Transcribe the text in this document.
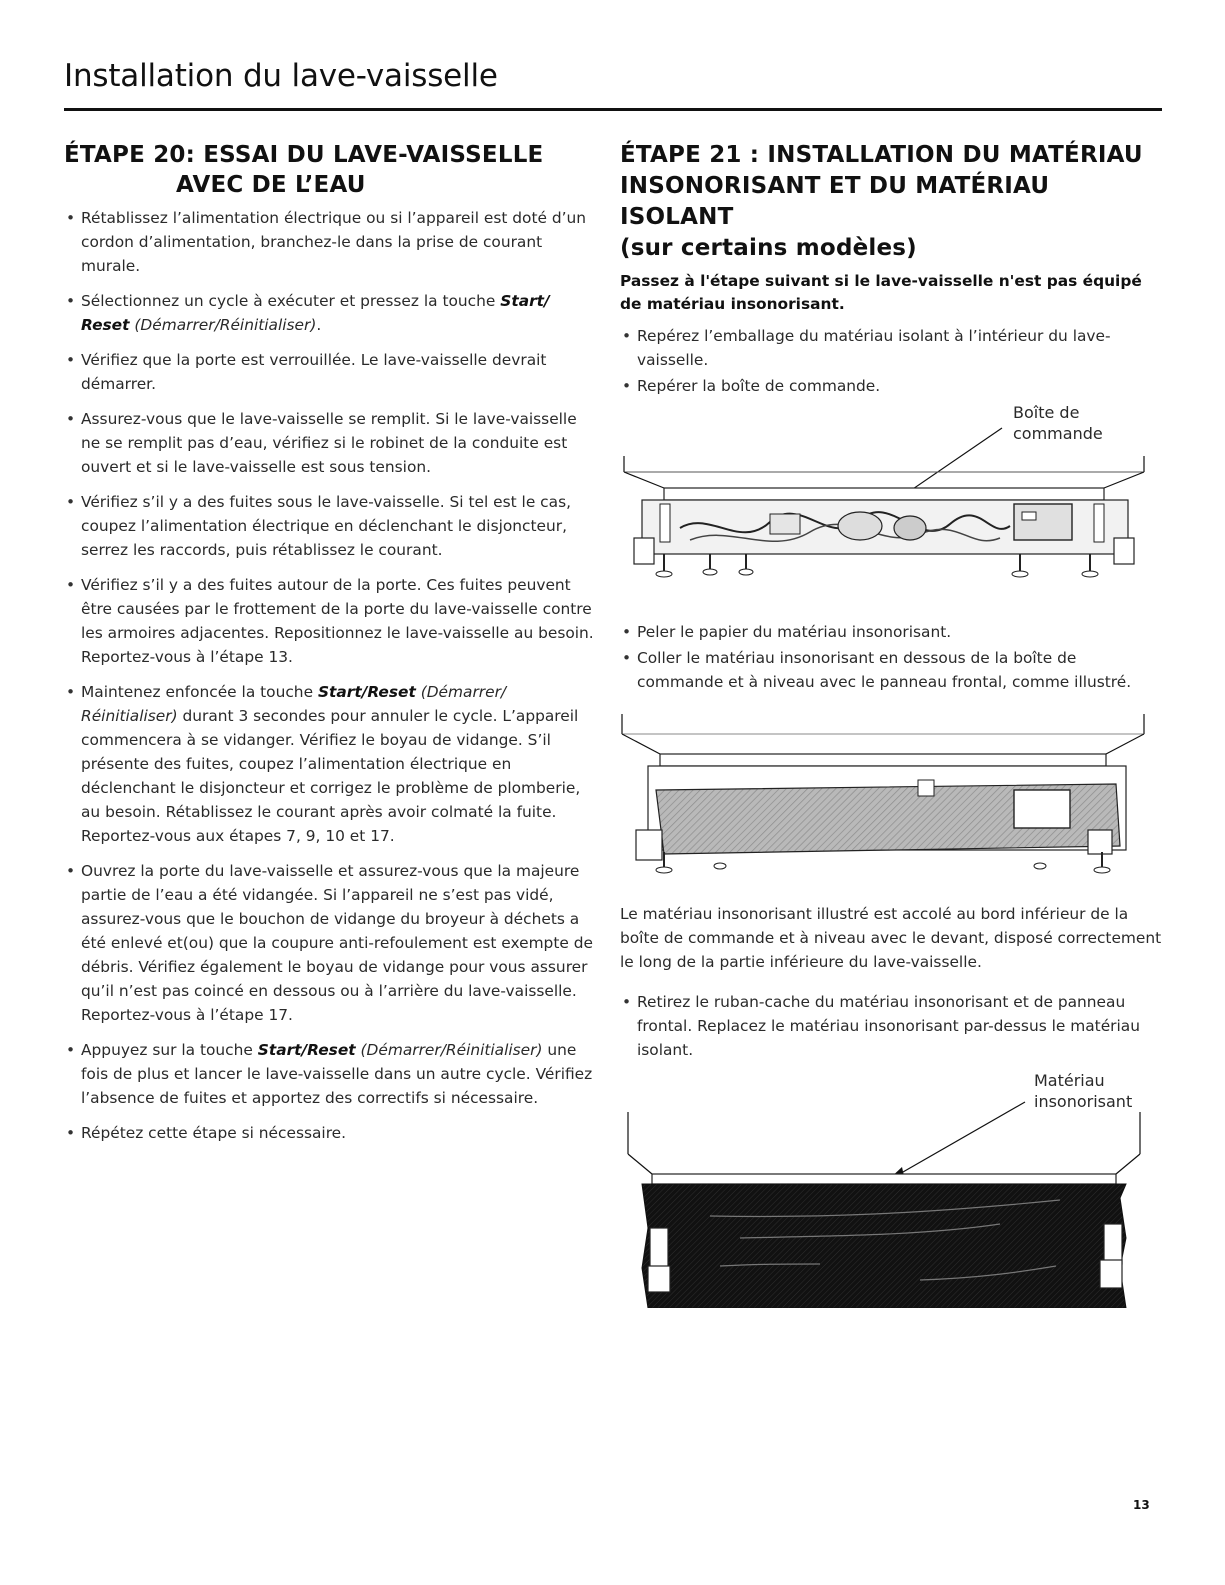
Installation du lave-vaisselle
ÉTAPE 20: ESSAI DU LAVE-VAISSELLE
AVEC DE L’EAU
• Rétablissez l’alimentation électrique ou si l’appareil est doté d’un cordon d’alimentation, branchez-le dans la prise de courant murale.
• Sélectionnez un cycle à exécuter et pressez la touche Start/ Reset (Démarrer/Réinitialiser).
• Vérifiez que la porte est verrouillée. Le lave-vaisselle devrait démarrer.
• Assurez-vous que le lave-vaisselle se remplit. Si le lave-vaisselle ne se remplit pas d’eau, vérifiez si le robinet de la conduite est ouvert et si le lave-vaisselle est sous tension.
• Vérifiez s’il y a des fuites sous le lave-vaisselle. Si tel est le cas, coupez l’alimentation électrique en déclenchant le disjoncteur, serrez les raccords, puis rétablissez le courant.
• Vérifiez s’il y a des fuites autour de la porte. Ces fuites peuvent être causées par le frottement de la porte du lave-vaisselle contre les armoires adjacentes. Repositionnez le lave-vaisselle au besoin. Reportez-vous à l’étape 13.
• Maintenez enfoncée la touche Start/Reset (Démarrer/ Réinitialiser) durant 3 secondes pour annuler le cycle. L’appareil commencera à se vidanger. Vérifiez le boyau de vidange. S’il présente des fuites, coupez l’alimentation électrique en déclenchant le disjoncteur et corrigez le problème de plomberie, au besoin. Rétablissez le courant après avoir colmaté la fuite. Reportez-vous aux étapes 7, 9, 10 et 17.
• Ouvrez la porte du lave-vaisselle et assurez-vous que la majeure partie de l’eau a été vidangée. Si l’appareil ne s’est pas vidé, assurez-vous que le bouchon de vidange du broyeur à déchets a été enlevé et(ou) que la coupure anti-refoulement est exempte de débris. Vérifiez également le boyau de vidange pour vous assurer qu’il n’est pas coincé en dessous ou à l’arrière du lave-vaisselle. Reportez-vous à l’étape 17.
• Appuyez sur la touche Start/Reset (Démarrer/Réinitialiser) une fois de plus et lancer le lave-vaisselle dans un autre cycle. Vérifiez l’absence de fuites et apportez des correctifs si nécessaire.
• Répétez cette étape si nécessaire.
ÉTAPE 21 : INSTALLATION DU MATÉRIAU
INSONORISANT ET DU MATÉRIAU ISOLANT
(sur certains modèles)

Passez à l'étape suivant si le lave-vaisselle n'est pas équipé de matériau insonorisant.

• Repérez l’emballage du matériau isolant à l’intérieur du lave-vaisselle.
• Repérer la boîte de commande.
Boîte de
commande
• Peler le papier du matériau insonorisant.
• Coller le matériau insonorisant en dessous de la boîte de commande et à niveau avec le panneau frontal, comme illustré.

Le matériau insonorisant illustré est accolé au bord inférieur de la boîte de commande et à niveau avec le devant, disposé correctement le long de la partie inférieure du lave-vaisselle.

• Retirez le ruban-cache du matériau insonorisant et de panneau frontal. Replacez le matériau insonorisant par-dessus le matériau isolant.
Matériau
insonorisant
13
